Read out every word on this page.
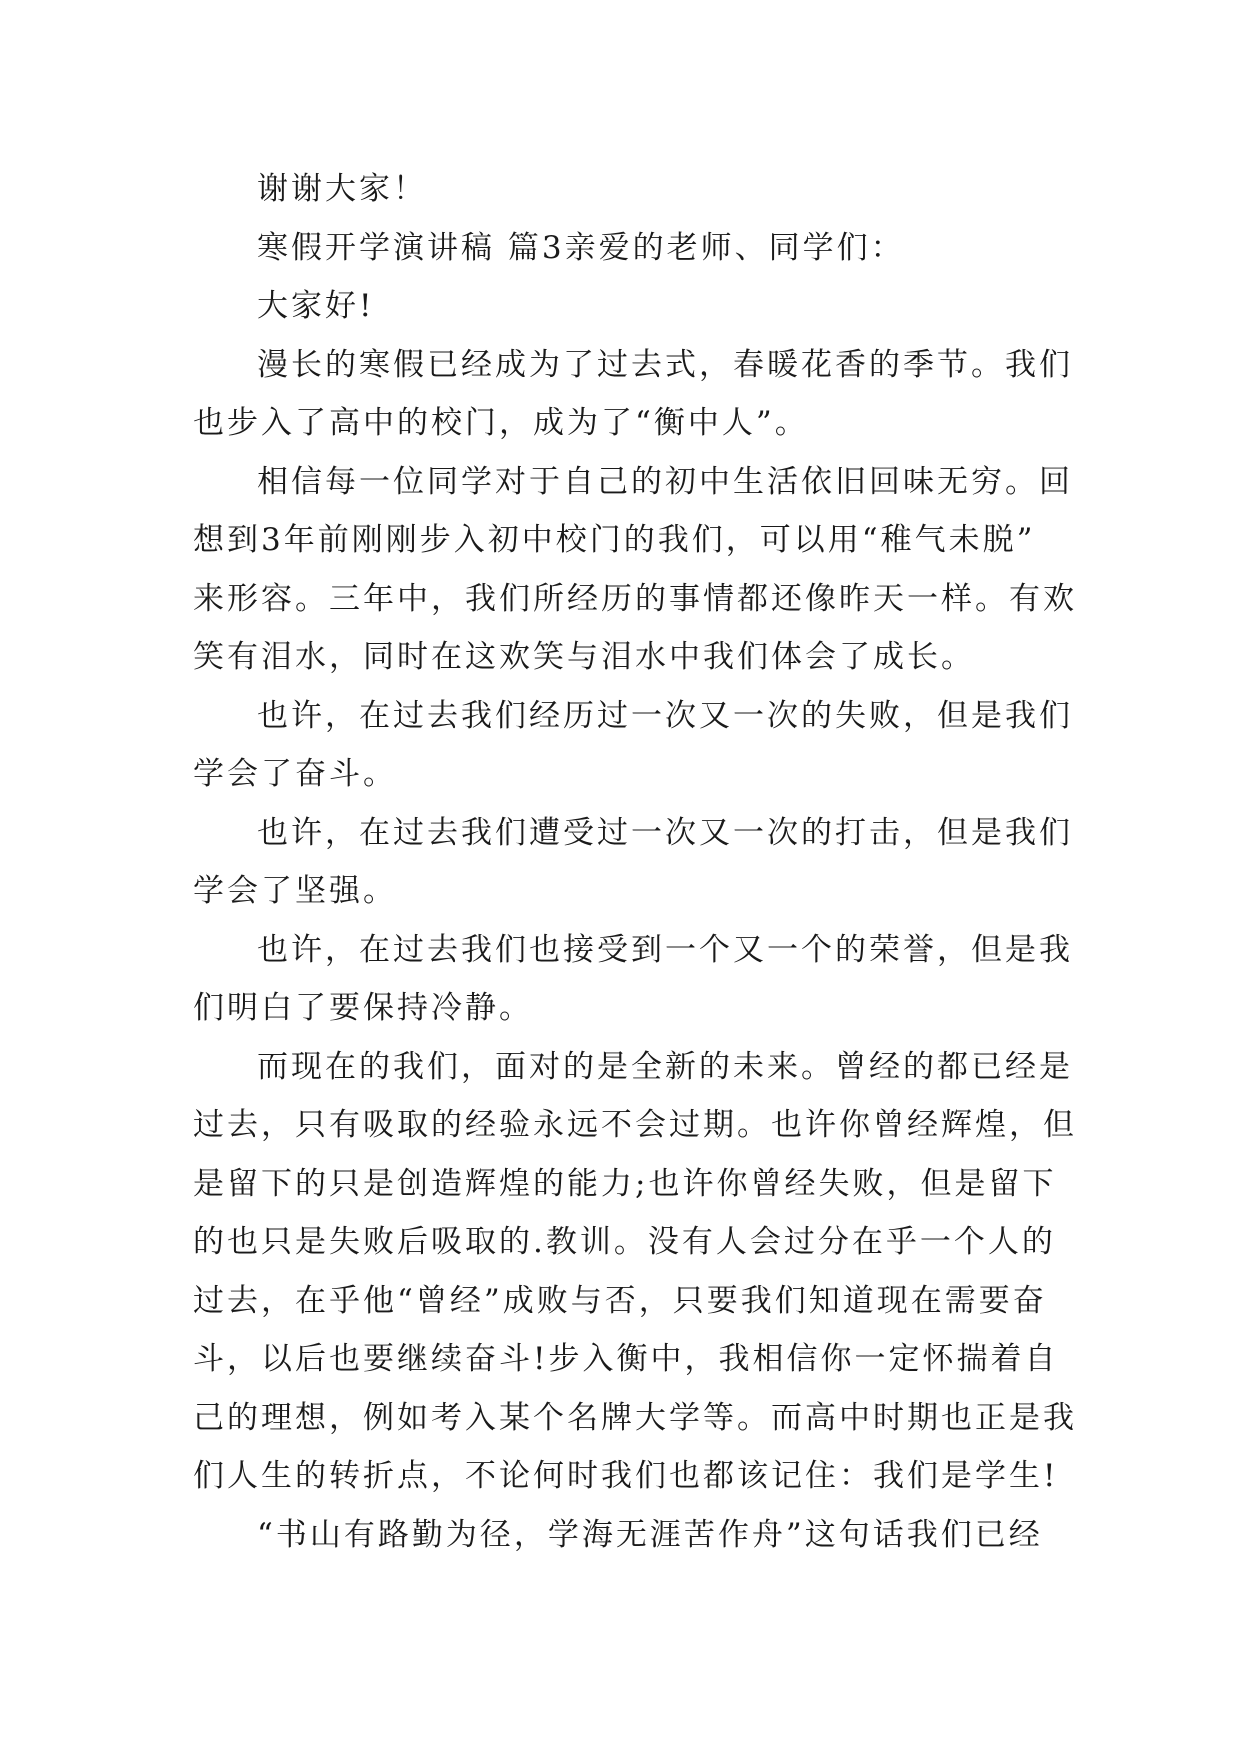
谢谢大家！
寒假开学演讲稿 篇3亲爱的老师、同学们：
大家好!
漫长的寒假已经成为了过去式，春暖花香的季节。我们
也步入了高中的校门，成为了“衡中人”。
相信每一位同学对于自己的初中生活依旧回味无穷。回
想到3年前刚刚步入初中校门的我们，可以用“稚气未脱”
来形容。三年中，我们所经历的事情都还像昨天一样。有欢
笑有泪水，同时在这欢笑与泪水中我们体会了成长。
也许，在过去我们经历过一次又一次的失败，但是我们
学会了奋斗。
也许，在过去我们遭受过一次又一次的打击，但是我们
学会了坚强。
也许，在过去我们也接受到一个又一个的荣誉，但是我
们明白了要保持冷静。
而现在的我们，面对的是全新的未来。曾经的都已经是
过去，只有吸取的经验永远不会过期。也许你曾经辉煌，但
是留下的只是创造辉煌的能力;也许你曾经失败，但是留下
的也只是失败后吸取的.教训。没有人会过分在乎一个人的
过去，在乎他“曾经”成败与否，只要我们知道现在需要奋
斗，以后也要继续奋斗!步入衡中，我相信你一定怀揣着自
己的理想，例如考入某个名牌大学等。而高中时期也正是我
们人生的转折点，不论何时我们也都该记住：我们是学生!
“书山有路勤为径，学海无涯苦作舟”这句话我们已经
